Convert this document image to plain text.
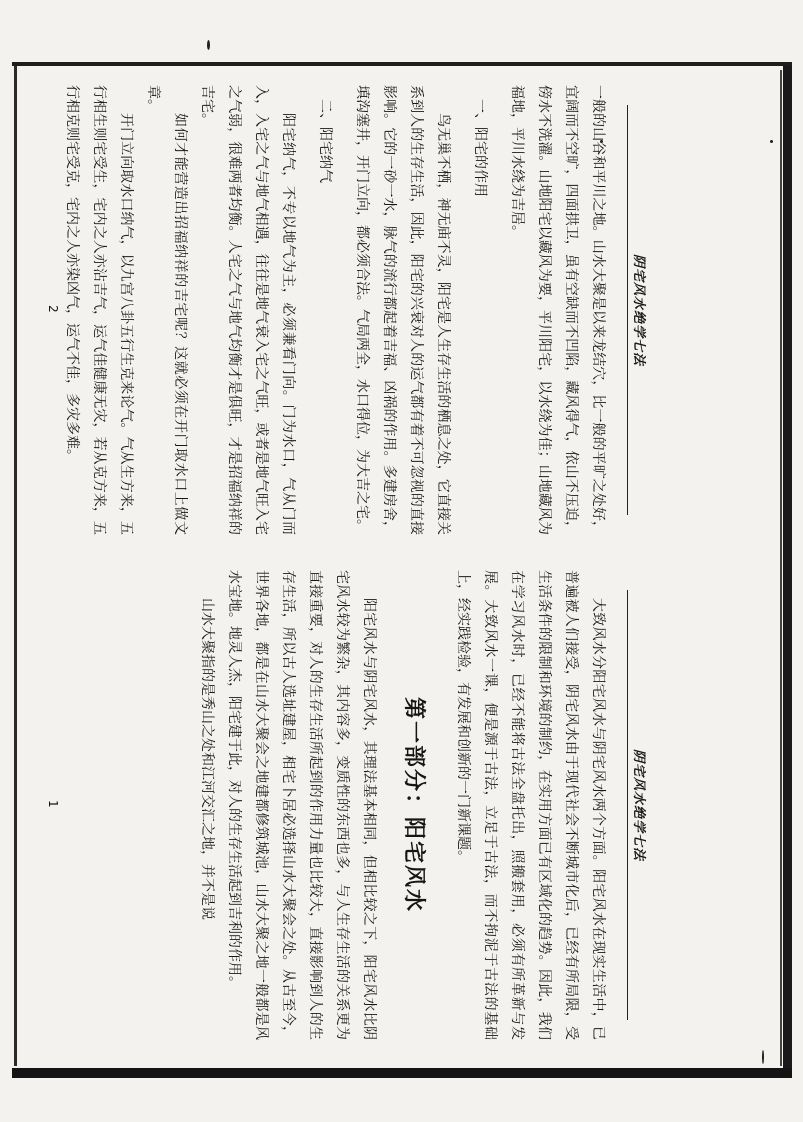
阴宅风水绝学七法

大致风水分阳宅风水与阴宅风水两个方面。阳宅风水在现实生活中，已普遍被人们接受，阴宅风水由于现代社会不断城市化后，已经有所局限，受生活条件的限制和环境的制约，在实用方面已有区域化的趋势。因此，我们在学习风水时，已经不能将古法全盘托出，照搬套用，必须有所革新与发展。大致风水一课，便是源于古法，立足于古法，而不拘泥于古法的基础上，经实践检验，有发展和创新的一门新课题。

第一部分：阳宅风水

阳宅风水与阴宅风水，其理法基本相同，但相比较之下，阳宅风水比阴宅风水较为繁杂，其内容多，变质性的东西也多，与人生存生活的关系更为直接重要，对人的生存生活所起到的作用力量也比较大，直接影响到人的生存生活，所以古人选址建屋，相宅卜居必选择山水大聚会之处。从古至今，世界各地，都是在山水大聚会之地建都修筑城池，山水大聚之地一般都是风水宝地。地灵人杰，阳宅建于此，对人的生存生活起到吉利的作用。

山水大聚指的是秀山之处和江河交汇之地，并不是说

1
阴宅风水绝学七法

一般的山谷和平川之地。山水大聚是以来龙结穴，比一般的平旷之处好，宜阔而不空旷，四面拱卫，虽有空缺而不凹陷，藏风得气，依山不压迫，傍水不洗濯。山地阳宅以藏风为要，平川阳宅，以水绕为佳；山地藏风为福地，平川水绕为吉居。

一、阳宅的作用

鸟无巢不栖，神无庙不灵，阳宅是人生存生活的栖息之处，它直接关系到人的生存生活，因此，阳宅的兴衰对人的运气都有着不可忽视的直接影响。它的一砂一水，脉气的流行都起着吉福、凶祸的作用。多建房舍，填沟塞井，开门立向，都必须合法。气局两全，水口得位，为大吉之宅。

二、阳宅纳气

阳宅纳气，不专以地气为主，必须兼看门向。门为水口，气从门而入，入宅之气与地气相遇，往往是地气衰入宅之气旺，或者是地气旺入宅之气弱，很难两者均衡。人宅之气与地气均衡才是俱旺，才是招福纳祥的吉宅。

如何才能营造出招福纳祥的吉宅呢？这就必须在开门取水口上做文章。

开门立向取水口纳气，以九宫八卦五行生克来论气。气从生方来，五行相生则宅受生，宅内之人亦沾吉气，运气佳健康无灾，若从克方来，五行相克则宅受克，宅内之人亦染凶气，运气不佳，多灾多难。

2
